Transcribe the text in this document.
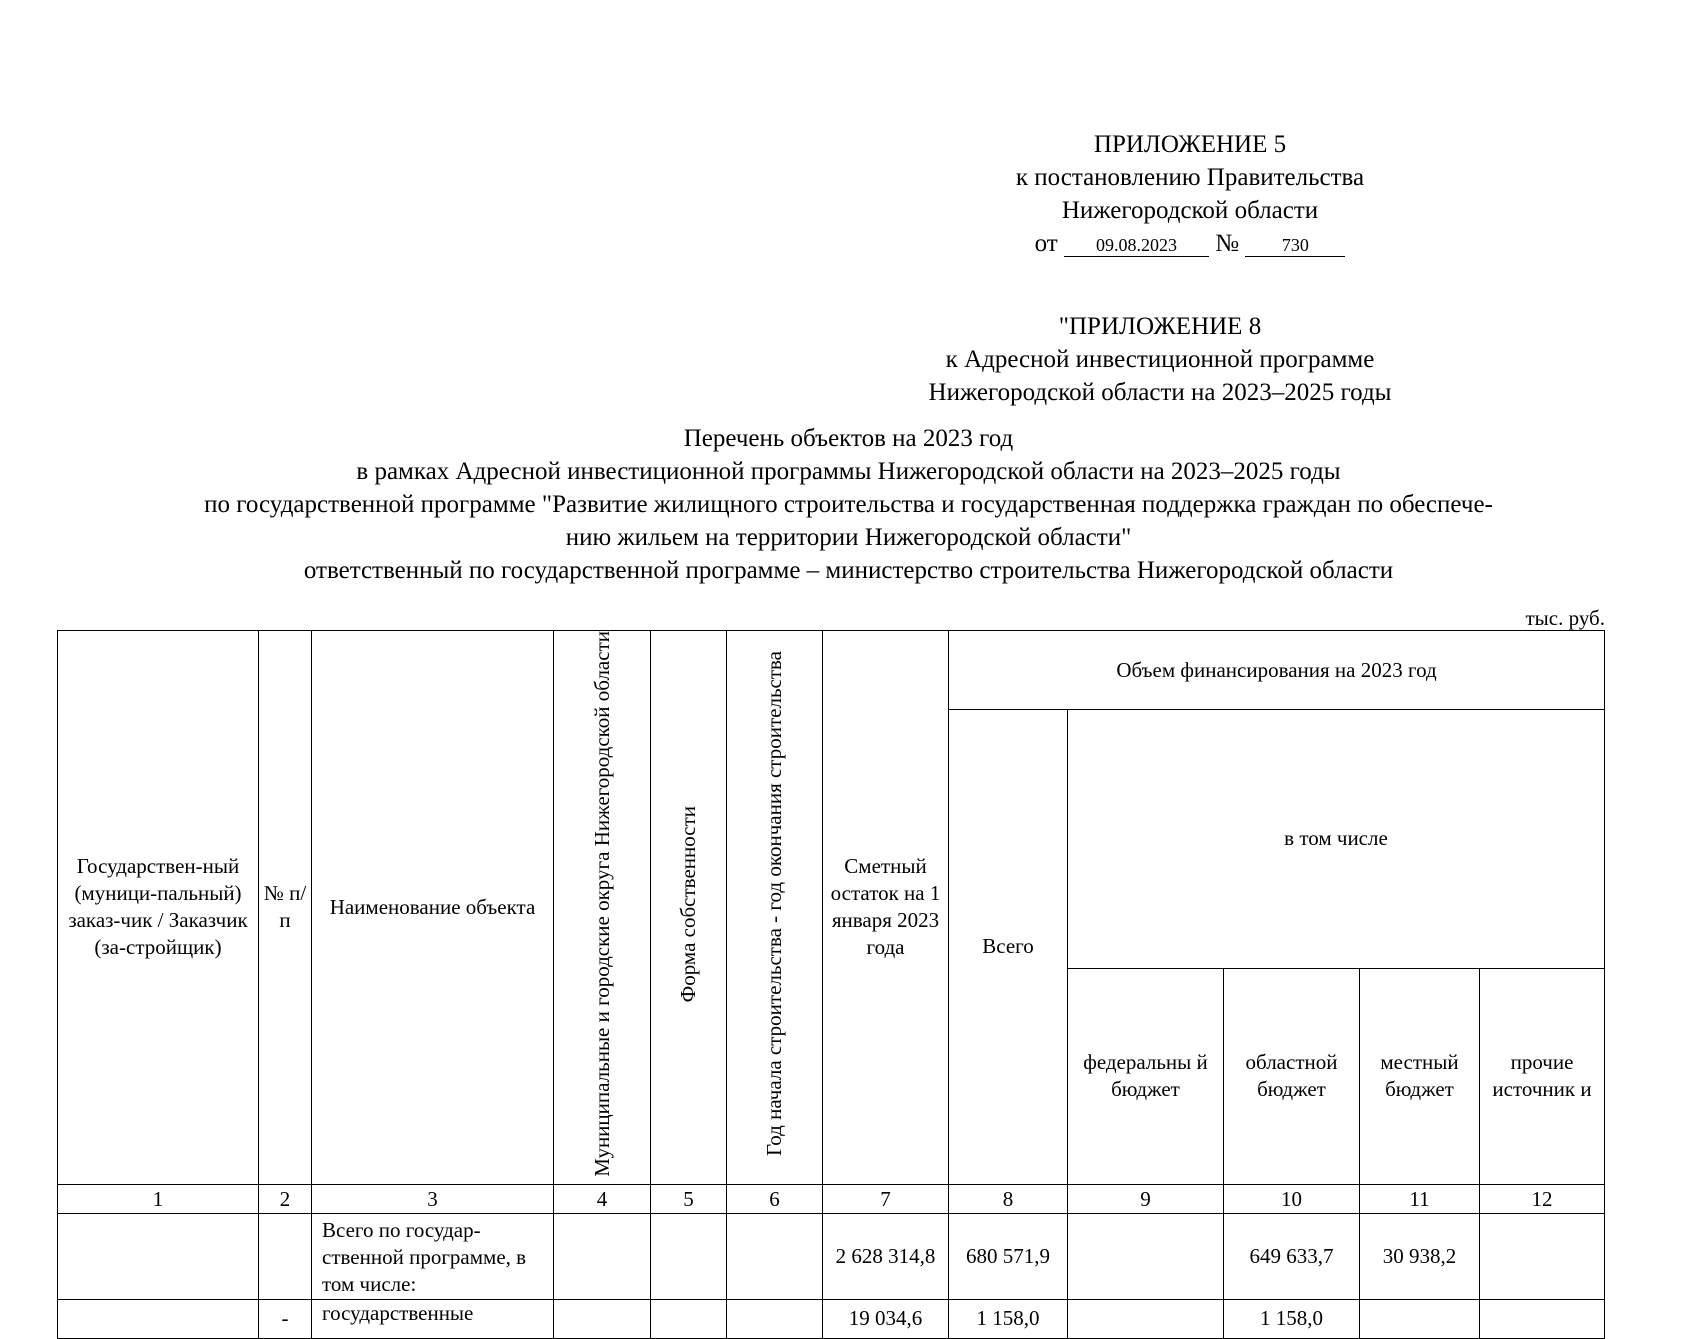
ПРИЛОЖЕНИЕ 5
к постановлению Правительства
Нижегородской области
от 09.08.2023 № 730
"ПРИЛОЖЕНИЕ 8
к Адресной инвестиционной программе
Нижегородской области на 2023–2025 годы
Перечень объектов на 2023 год
в рамках Адресной инвестиционной программы Нижегородской области на 2023–2025 годы
по государственной программе "Развитие жилищного строительства и государственная поддержка граждан по обеспече-
нию жильем на территории Нижегородской области"
ответственный по государственной программе – министерство строительства Нижегородской области
тыс. руб.
Государствен-ный (муници-пальный) заказ-чик / Заказчик (за-стройщик)	№ п/ п	Наименование объекта	Муниципальные и городские округа Нижегородской области	Форма собственности	Год начала строительства - год окончания строительства	Сметный остаток на 1 января 2023 года	Объем финансирования на 2023 год				
							Всего	в том числе			
								федеральны й бюджет	областной бюджет	местный бюджет	прочие источник и
1	2	3	4	5	6	7	8	9	10	11	12
		Всего по государ-ственной программе, в том числе:				2 628 314,8	680 571,9		649 633,7	30 938,2	
	-	государственные				19 034,6	1 158,0		1 158,0		
